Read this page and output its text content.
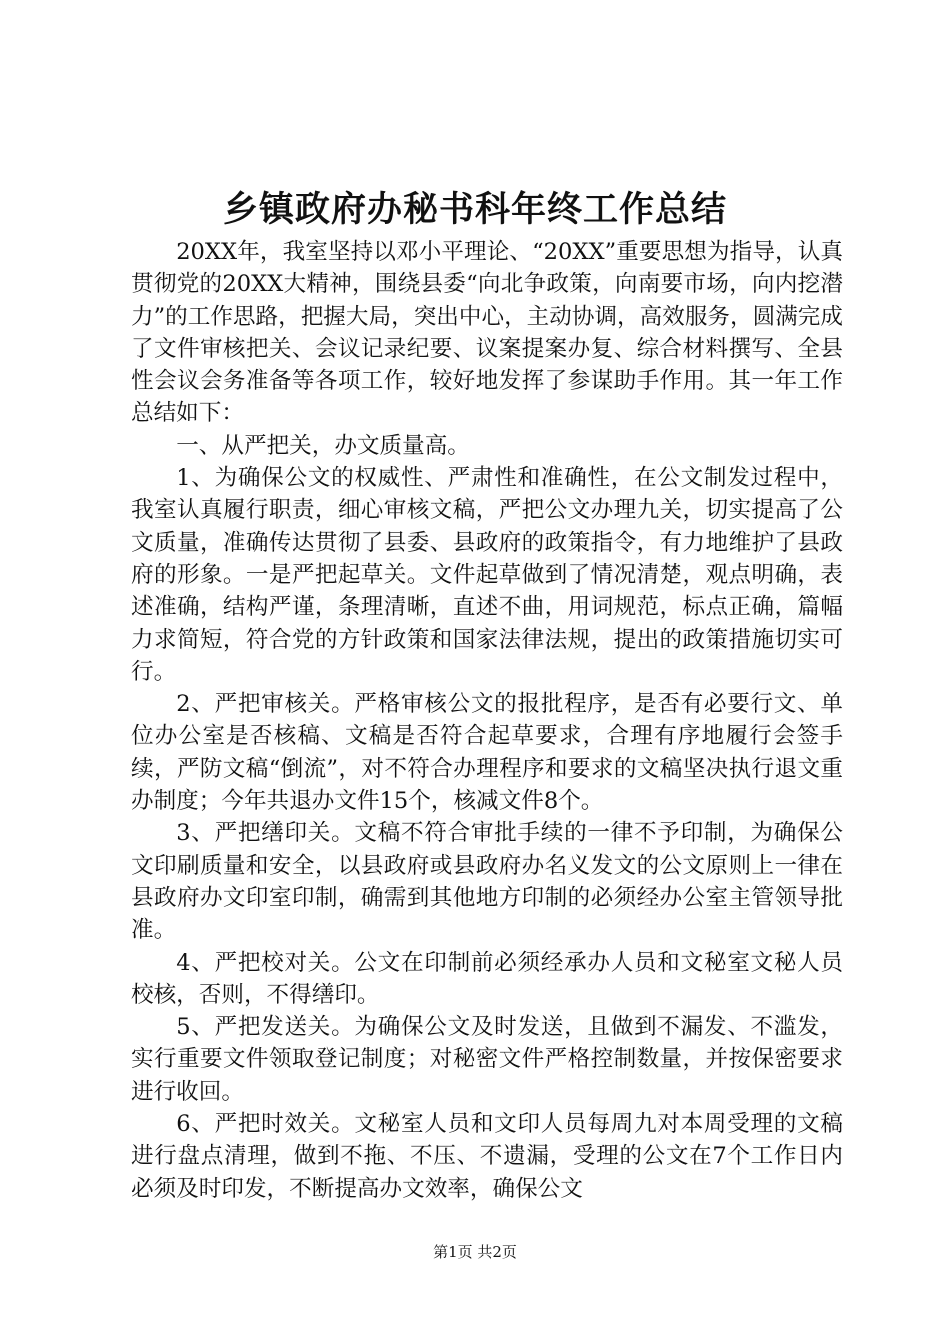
乡镇政府办秘书科年终工作总结

20XX年，我室坚持以邓小平理论、“20XX”重要思想为指导，认真贯彻党的20XX大精神，围绕县委“向北争政策，向南要市场，向内挖潜力”的工作思路，把握大局，突出中心，主动协调，高效服务，圆满完成了文件审核把关、会议记录纪要、议案提案办复、综合材料撰写、全县性会议会务准备等各项工作，较好地发挥了参谋助手作用。其一年工作总结如下：

一、从严把关，办文质量高。

1、为确保公文的权威性、严肃性和准确性，在公文制发过程中，我室认真履行职责，细心审核文稿，严把公文办理九关，切实提高了公文质量，准确传达贯彻了县委、县政府的政策指令，有力地维护了县政府的形象。一是严把起草关。文件起草做到了情况清楚，观点明确，表述准确，结构严谨，条理清晰，直述不曲，用词规范，标点正确，篇幅力求简短，符合党的方针政策和国家法律法规，提出的政策措施切实可行。

2、严把审核关。严格审核公文的报批程序，是否有必要行文、单位办公室是否核稿、文稿是否符合起草要求，合理有序地履行会签手续，严防文稿“倒流”，对不符合办理程序和要求的文稿坚决执行退文重办制度；今年共退办文件15个，核减文件8个。

3、严把缮印关。文稿不符合审批手续的一律不予印制，为确保公文印刷质量和安全，以县政府或县政府办名义发文的公文原则上一律在县政府办文印室印制，确需到其他地方印制的必须经办公室主管领导批准。

4、严把校对关。公文在印制前必须经承办人员和文秘室文秘人员校核，否则，不得缮印。

5、严把发送关。为确保公文及时发送，且做到不漏发、不滥发，实行重要文件领取登记制度；对秘密文件严格控制数量，并按保密要求进行收回。

6、严把时效关。文秘室人员和文印人员每周九对本周受理的文稿进行盘点清理，做到不拖、不压、不遗漏，受理的公文在7个工作日内必须及时印发，不断提高办文效率，确保公文

第1页 共2页
